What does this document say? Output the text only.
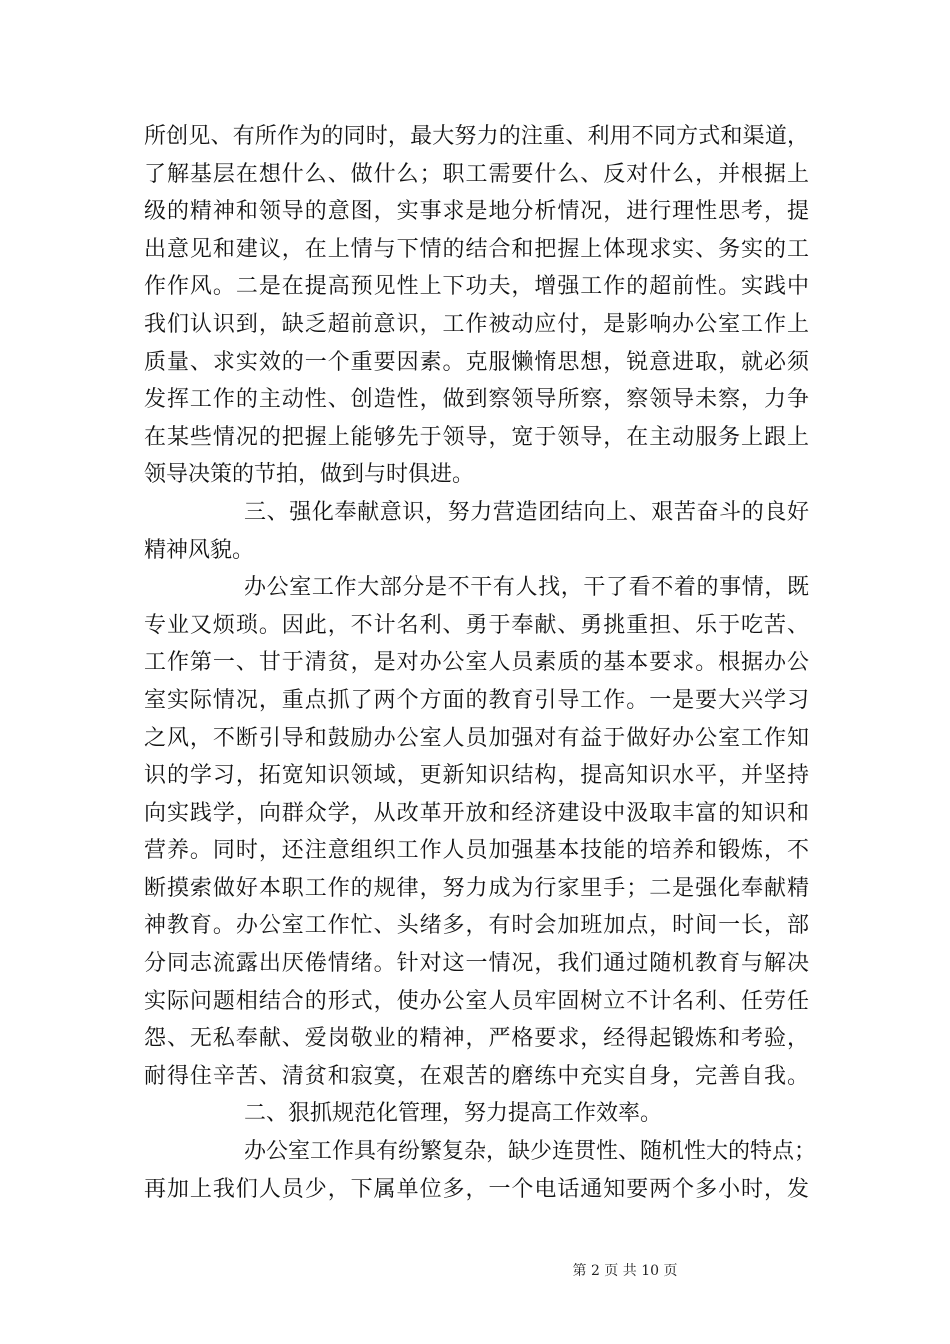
所创见、有所作为的同时，最大努力的注重、利用不同方式和渠道，
了解基层在想什么、做什么；职工需要什么、反对什么，并根据上
级的精神和领导的意图，实事求是地分析情况，进行理性思考，提
出意见和建议，在上情与下情的结合和把握上体现求实、务实的工
作作风。二是在提高预见性上下功夫，增强工作的超前性。实践中
我们认识到，缺乏超前意识，工作被动应付，是影响办公室工作上
质量、求实效的一个重要因素。克服懒惰思想，锐意进取，就必须
发挥工作的主动性、创造性，做到察领导所察，察领导未察，力争
在某些情况的把握上能够先于领导，宽于领导，在主动服务上跟上
领导决策的节拍，做到与时俱进。
三、强化奉献意识，努力营造团结向上、艰苦奋斗的良好
精神风貌。
办公室工作大部分是不干有人找，干了看不着的事情，既
专业又烦琐。因此，不计名利、勇于奉献、勇挑重担、乐于吃苦、
工作第一、甘于清贫，是对办公室人员素质的基本要求。根据办公
室实际情况，重点抓了两个方面的教育引导工作。一是要大兴学习
之风，不断引导和鼓励办公室人员加强对有益于做好办公室工作知
识的学习，拓宽知识领域，更新知识结构，提高知识水平，并坚持
向实践学，向群众学，从改革开放和经济建设中汲取丰富的知识和
营养。同时，还注意组织工作人员加强基本技能的培养和锻炼，不
断摸索做好本职工作的规律，努力成为行家里手；二是强化奉献精
神教育。办公室工作忙、头绪多，有时会加班加点，时间一长，部
分同志流露出厌倦情绪。针对这一情况，我们通过随机教育与解决
实际问题相结合的形式，使办公室人员牢固树立不计名利、任劳任
怨、无私奉献、爱岗敬业的精神，严格要求，经得起锻炼和考验，
耐得住辛苦、清贫和寂寞，在艰苦的磨练中充实自身，完善自我。
二、狠抓规范化管理，努力提高工作效率。
办公室工作具有纷繁复杂，缺少连贯性、随机性大的特点；
再加上我们人员少，下属单位多，一个电话通知要两个多小时，发
第 2 页 共 10 页
